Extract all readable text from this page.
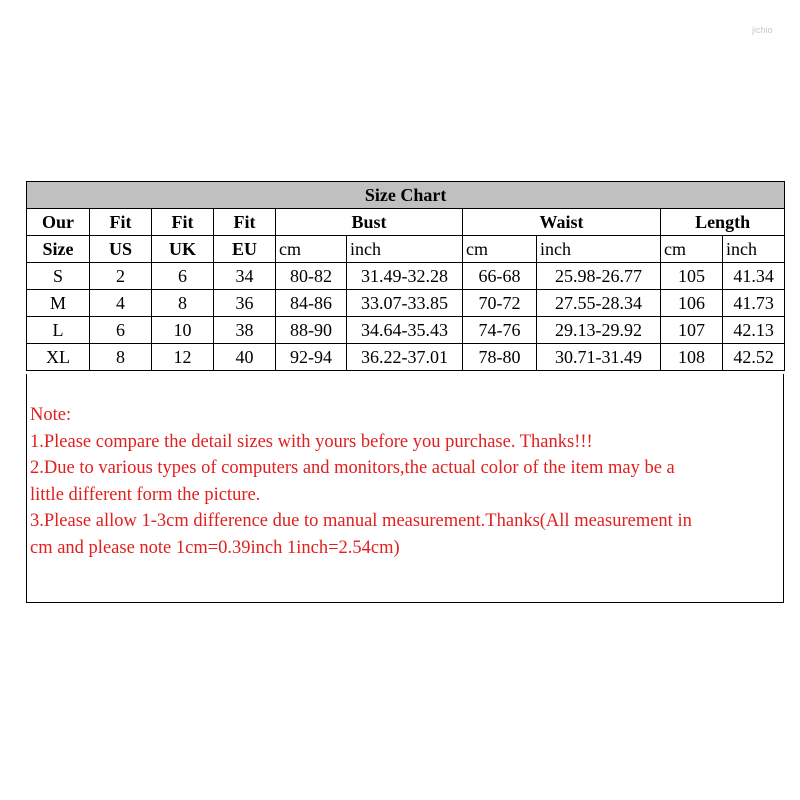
jichio
Size Chart									
Our	Fit	Fit	Fit	Bust		Waist		Length	
Size	US	UK	EU	cm	inch	cm	inch	cm	inch
S	2	6	34	80-82	31.49-32.28	66-68	25.98-26.77	105	41.34
M	4	8	36	84-86	33.07-33.85	70-72	27.55-28.34	106	41.73
L	6	10	38	88-90	34.64-35.43	74-76	29.13-29.92	107	42.13
XL	8	12	40	92-94	36.22-37.01	78-80	30.71-31.49	108	42.52
Note:
1.Please compare the detail sizes with yours before you purchase. Thanks!!!
2.Due to various types of computers and monitors,the actual color of the item may be a
little different form the picture.
3.Please allow 1-3cm difference due to manual measurement.Thanks(All measurement in
cm and please note 1cm=0.39inch 1inch=2.54cm)
